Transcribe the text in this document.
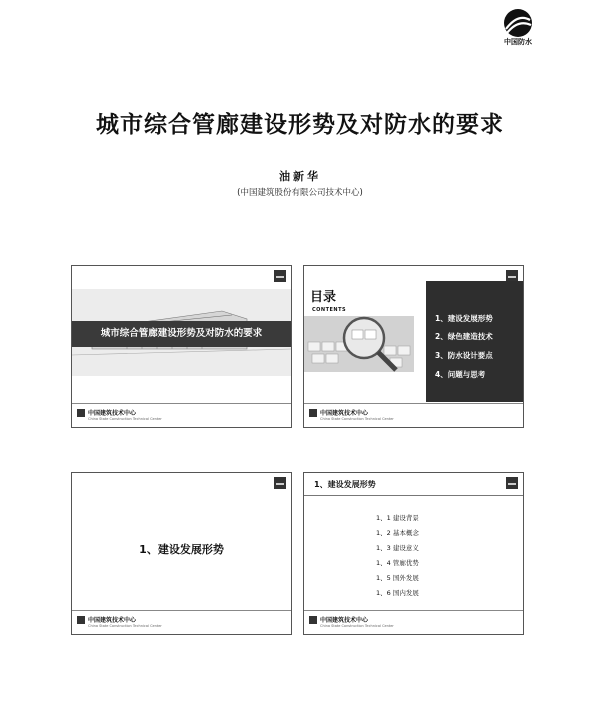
中国防水
城市综合管廊建设形势及对防水的要求
油新华
(中国建筑股份有限公司技术中心)
城市综合管廊建设形势及对防水的要求
中国建筑技术中心
China State Construction Technical Center
目录
CONTENTS
1、建设发展形势
2、绿色建造技术
3、防水设计要点
4、问题与思考
中国建筑技术中心
China State Construction Technical Center
1、建设发展形势
中国建筑技术中心
China State Construction Technical Center
1、建设发展形势
1、1 建设背景
1、2 基本概念
1、3 建设意义
1、4 管廊优势
1、5 国外发展
1、6 国内发展
中国建筑技术中心
China State Construction Technical Center
